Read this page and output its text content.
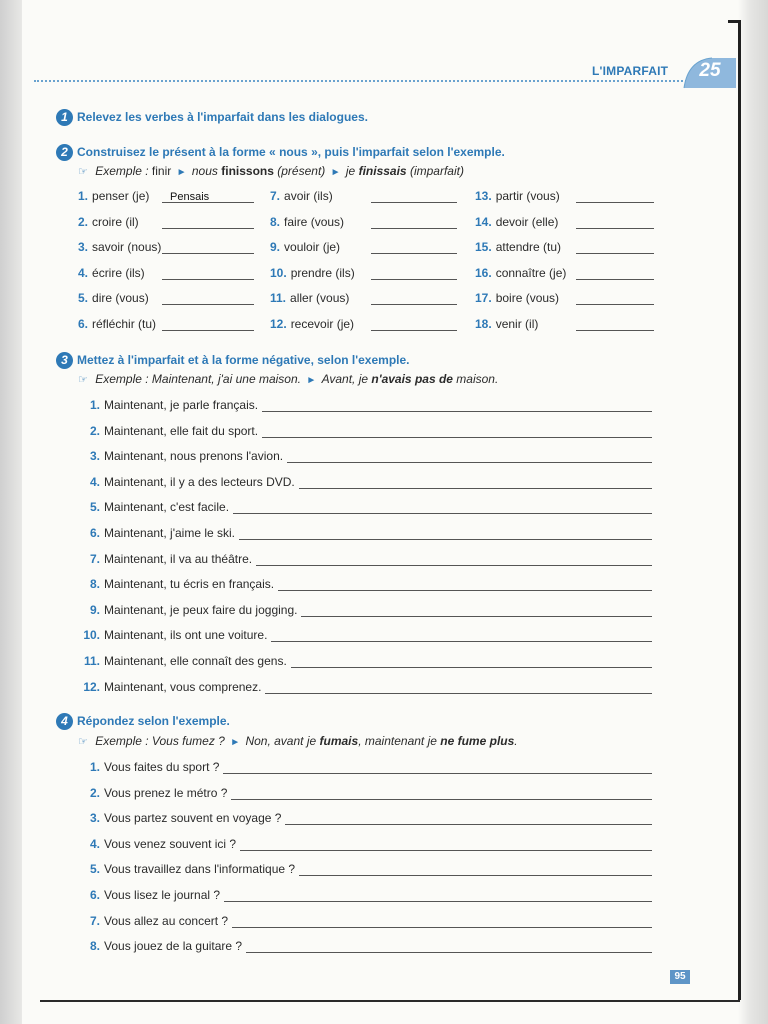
L'IMPARFAIT	25
1 Relevez les verbes à l'imparfait dans les dialogues.
2 Construisez le présent à la forme « nous », puis l'imparfait selon l'exemple.
☞ Exemple : finir ► nous finissons (présent) ► je finissais (imparfait)
1. penser (je) Pensais
2. croire (il)
3. savoir (nous)
4. écrire (ils)
5. dire (vous)
6. réfléchir (tu)
7. avoir (ils)
8. faire (vous)
9. vouloir (je)
10. prendre (ils)
11. aller (vous)
12. recevoir (je)
13. partir (vous)
14. devoir (elle)
15. attendre (tu)
16. connaître (je)
17. boire (vous)
18. venir (il)
3 Mettez à l'imparfait et à la forme négative, selon l'exemple.
☞ Exemple : Maintenant, j'ai une maison. ► Avant, je n'avais pas de maison.
1. Maintenant, je parle français.
2. Maintenant, elle fait du sport.
3. Maintenant, nous prenons l'avion.
4. Maintenant, il y a des lecteurs DVD.
5. Maintenant, c'est facile.
6. Maintenant, j'aime le ski.
7. Maintenant, il va au théâtre.
8. Maintenant, tu écris en français.
9. Maintenant, je peux faire du jogging.
10. Maintenant, ils ont une voiture.
11. Maintenant, elle connaît des gens.
12. Maintenant, vous comprenez.
4 Répondez selon l'exemple.
☞ Exemple : Vous fumez ? ► Non, avant je fumais, maintenant je ne fume plus.
1. Vous faites du sport ?
2. Vous prenez le métro ?
3. Vous partez souvent en voyage ?
4. Vous venez souvent ici ?
5. Vous travaillez dans l'informatique ?
6. Vous lisez le journal ?
7. Vous allez au concert ?
8. Vous jouez de la guitare ?
95
